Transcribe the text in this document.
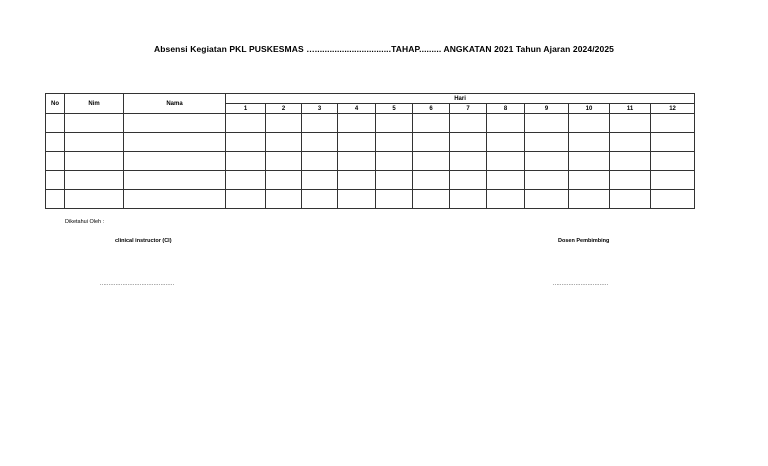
Absensi Kegiatan PKL PUSKESMAS …...............................TAHAP......... ANGKATAN 2021 Tahun Ajaran 2024/2025
No	Nim	Nama	Hari											
			1	2	3	4	5	6	7	8	9	10	11	12

Diketahui Oleh :
clinical instructor (CI)	Dosen Pembimbing
...........................................	................................
